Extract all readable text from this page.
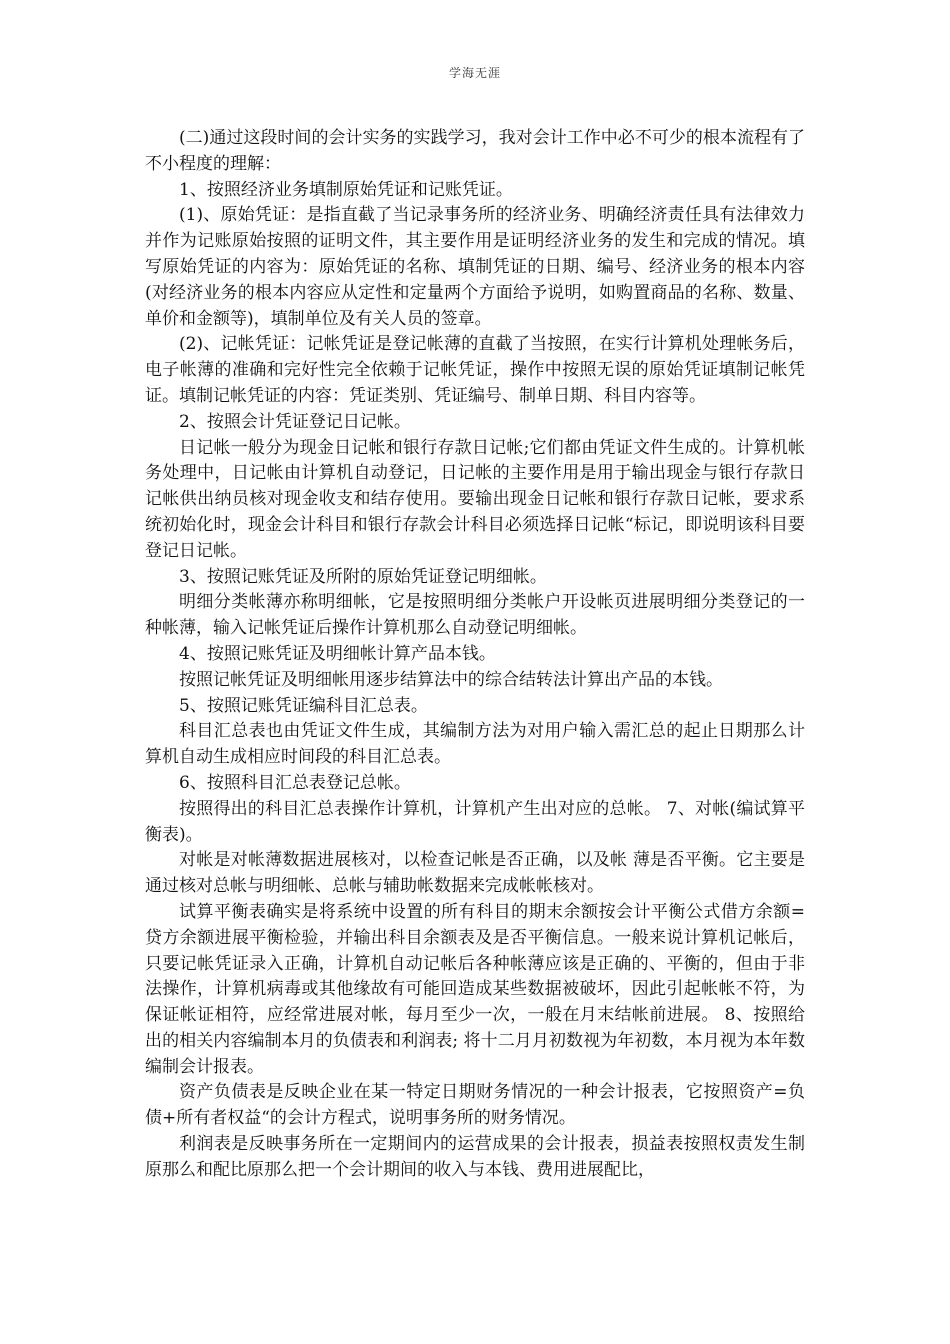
学海无涯

(二)通过这段时间的会计实务的实践学习，我对会计工作中必不可少的根本流程有了不小程度的理解：

1、按照经济业务填制原始凭证和记账凭证。

(1)、原始凭证：是指直截了当记录事务所的经济业务、明确经济责任具有法律效力并作为记账原始按照的证明文件，其主要作用是证明经济业务的发生和完成的情况。填写原始凭证的内容为：原始凭证的名称、填制凭证的日期、编号、经济业务的根本内容(对经济业务的根本内容应从定性和定量两个方面给予说明，如购置商品的名称、数量、单价和金额等)，填制单位及有关人员的签章。

(2)、记帐凭证：记帐凭证是登记帐薄的直截了当按照，在实行计算机处理帐务后，电子帐薄的准确和完好性完全依赖于记帐凭证，操作中按照无误的原始凭证填制记帐凭证。填制记帐凭证的内容：凭证类别、凭证编号、制单日期、科目内容等。

2、按照会计凭证登记日记帐。

日记帐一般分为现金日记帐和银行存款日记帐;它们都由凭证文件生成的。计算机帐务处理中，日记帐由计算机自动登记，日记帐的主要作用是用于输出现金与银行存款日记帐供出纳员核对现金收支和结存使用。要输出现金日记帐和银行存款日记帐，要求系统初始化时，现金会计科目和银行存款会计科目必须选择日记帐“标记，即说明该科目要登记日记帐。

3、按照记账凭证及所附的原始凭证登记明细帐。

明细分类帐薄亦称明细帐，它是按照明细分类帐户开设帐页进展明细分类登记的一种帐薄，输入记帐凭证后操作计算机那么自动登记明细帐。

4、按照记账凭证及明细帐计算产品本钱。

按照记帐凭证及明细帐用逐步结算法中的综合结转法计算出产品的本钱。

5、按照记账凭证编科目汇总表。

科目汇总表也由凭证文件生成，其编制方法为对用户输入需汇总的起止日期那么计算机自动生成相应时间段的科目汇总表。

6、按照科目汇总表登记总帐。

按照得出的科目汇总表操作计算机，计算机产生出对应的总帐。 7、对帐(编试算平衡表)。

对帐是对帐薄数据进展核对，以检查记帐是否正确，以及帐 薄是否平衡。它主要是通过核对总帐与明细帐、总帐与辅助帐数据来完成帐帐核对。

试算平衡表确实是将系统中设置的所有科目的期末余额按会计平衡公式借方余额=贷方余额进展平衡检验，并输出科目余额表及是否平衡信息。一般来说计算机记帐后，只要记帐凭证录入正确，计算机自动记帐后各种帐薄应该是正确的、平衡的，但由于非法操作，计算机病毒或其他缘故有可能回造成某些数据被破坏，因此引起帐帐不符，为保证帐证相符，应经常进展对帐，每月至少一次，一般在月末结帐前进展。 8、按照给出的相关内容编制本月的负债表和利润表; 将十二月月初数视为年初数，本月视为本年数编制会计报表。

资产负债表是反映企业在某一特定日期财务情况的一种会计报表，它按照资产=负债+所有者权益“的会计方程式，说明事务所的财务情况。

利润表是反映事务所在一定期间内的运营成果的会计报表，损益表按照权责发生制原那么和配比原那么把一个会计期间的收入与本钱、费用进展配比，
